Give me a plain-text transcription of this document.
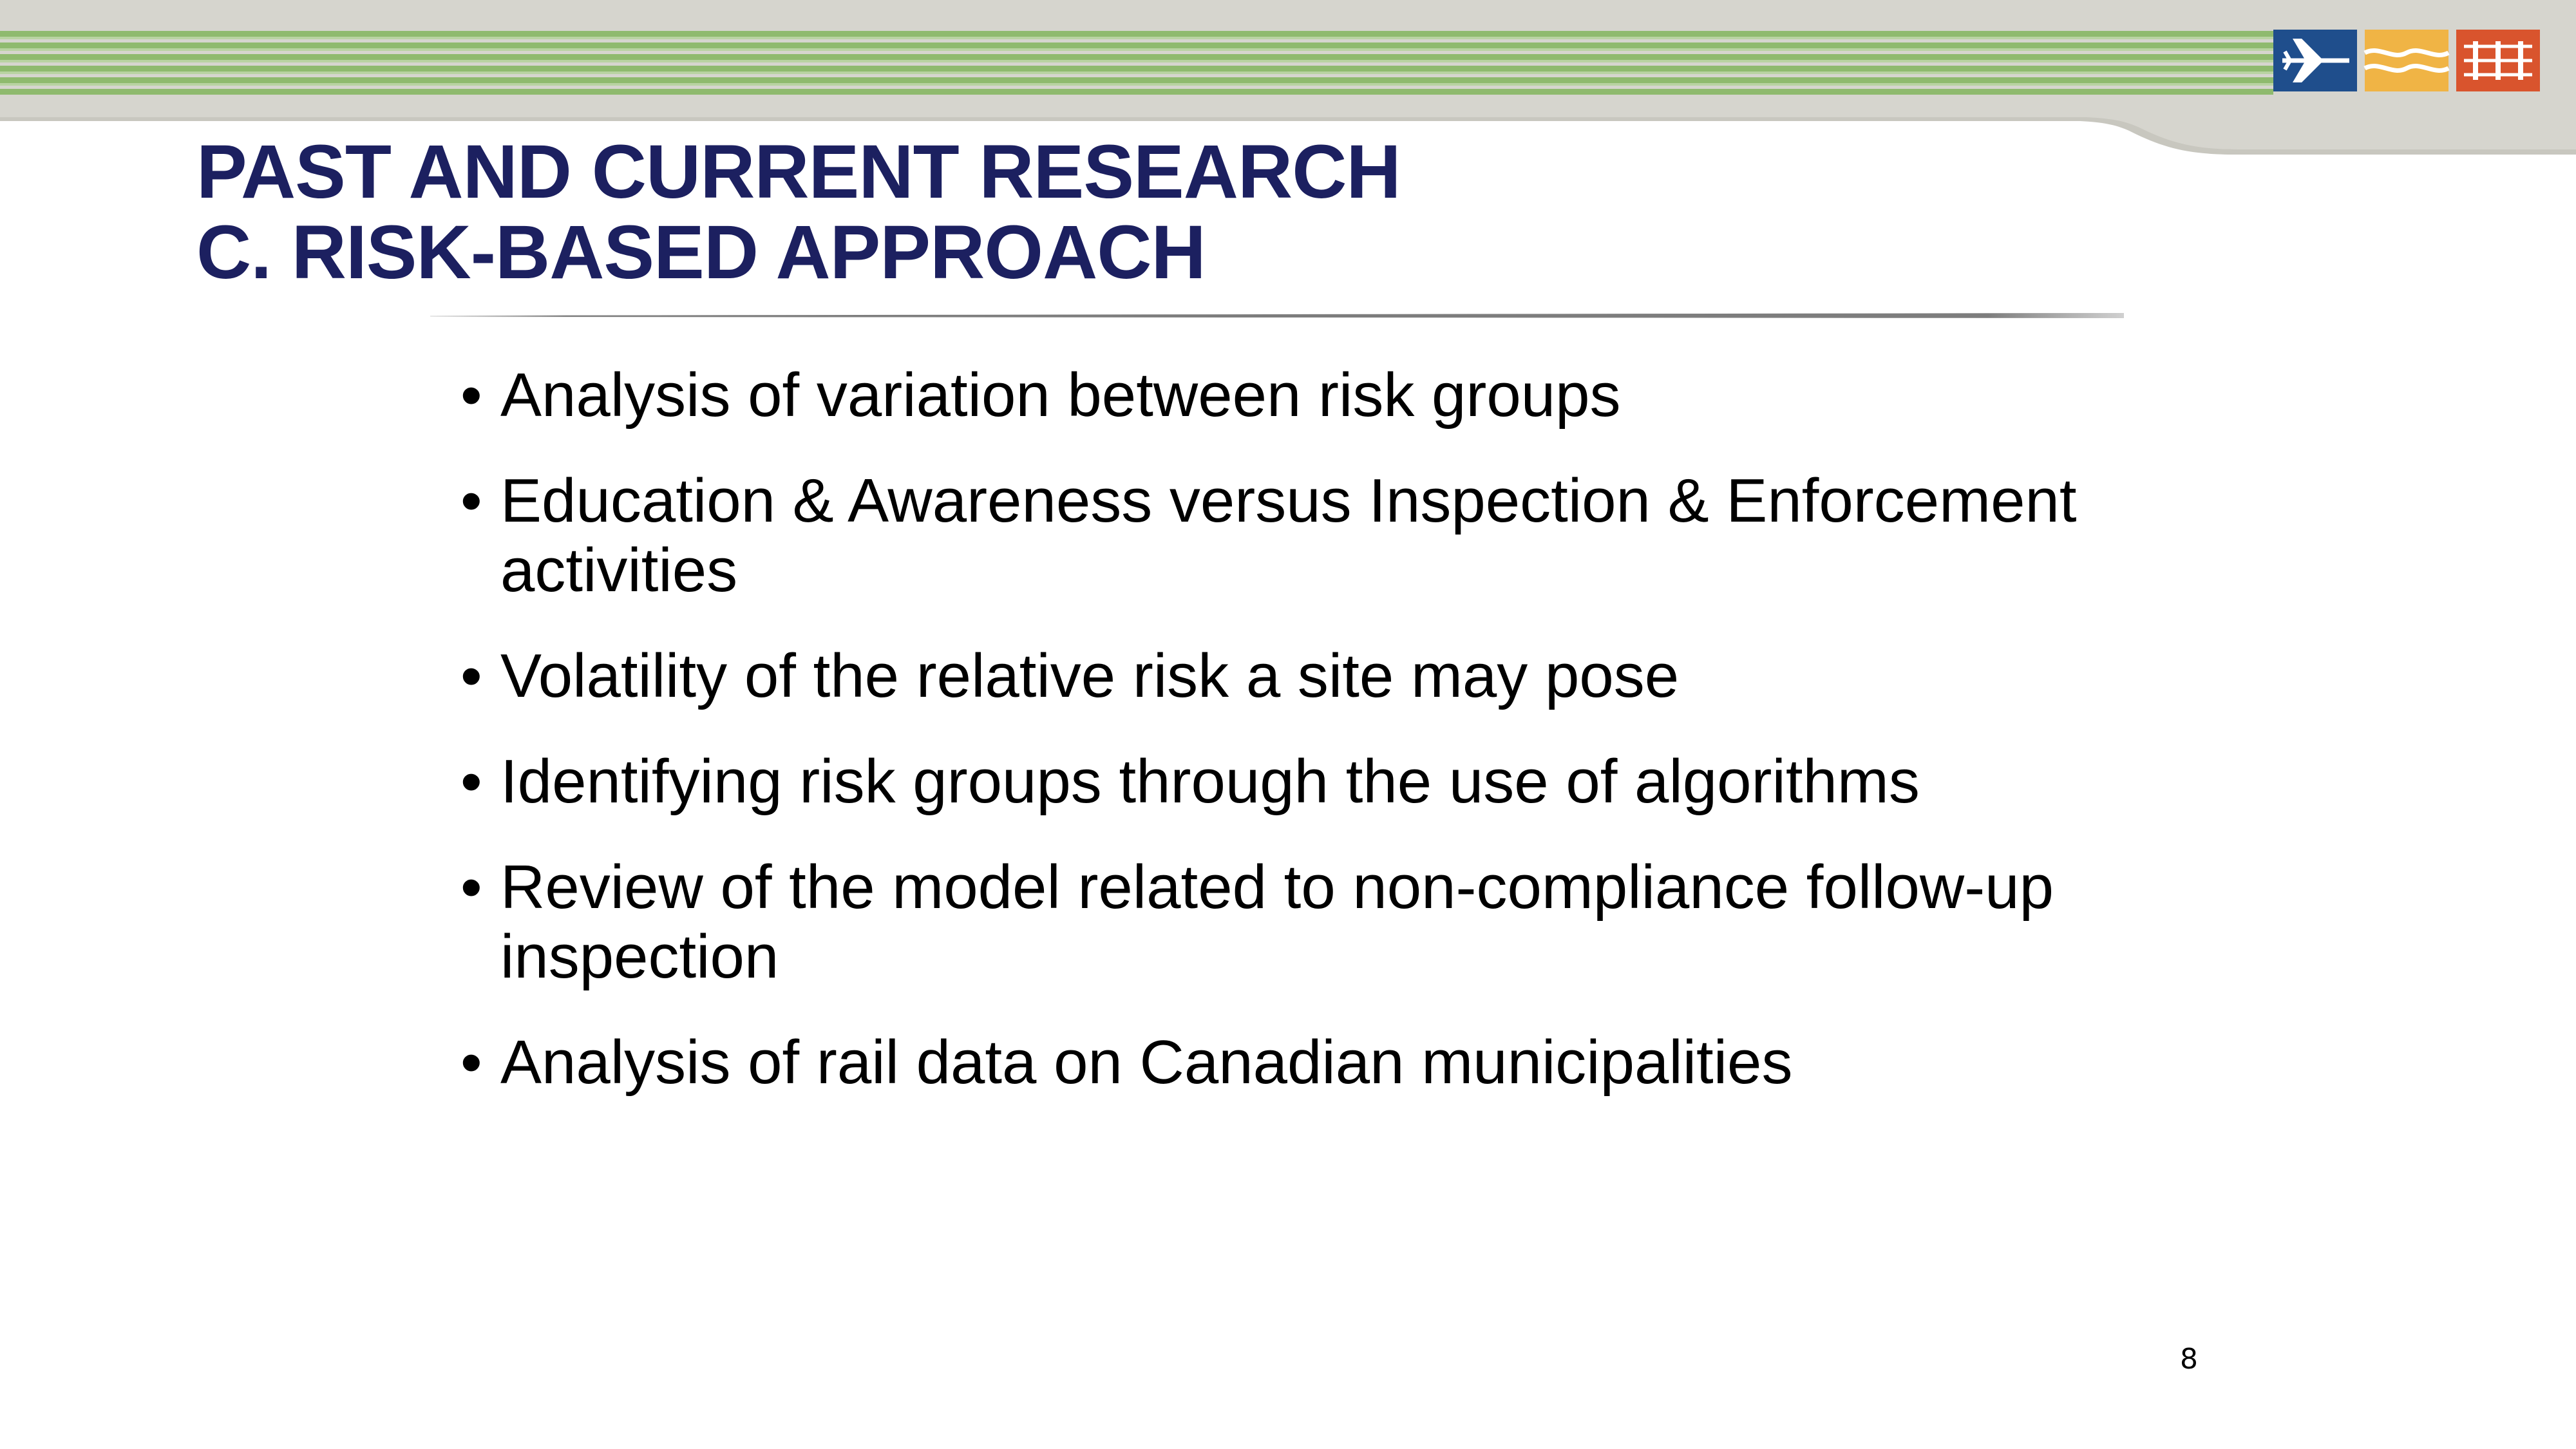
PAST AND CURRENT RESEARCH
C. RISK-BASED APPROACH
• Analysis of variation between risk groups
• Education & Awareness versus Inspection & Enforcement activities
• Volatility of the relative risk a site may pose
• Identifying risk groups through the use of algorithms
• Review of the model related to non-compliance follow-up inspection
• Analysis of rail data on Canadian municipalities
8
